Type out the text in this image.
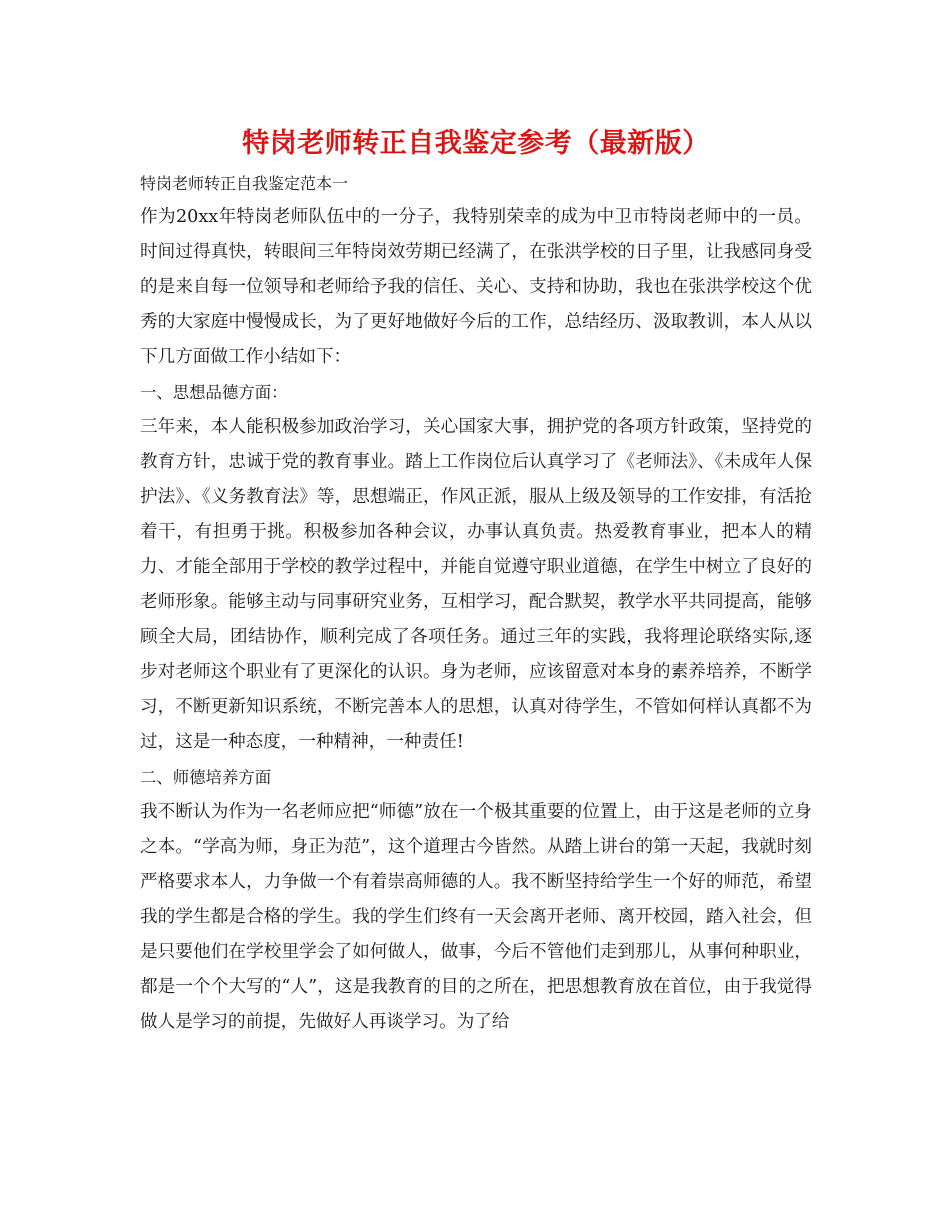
特岗老师转正自我鉴定参考（最新版）

特岗老师转正自我鉴定范本一

作为20xx年特岗老师队伍中的一分子，我特别荣幸的成为中卫市特岗老师中的一员。时间过得真快，转眼间三年特岗效劳期已经满了，在张洪学校的日子里，让我感同身受的是来自每一位领导和老师给予我的信任、关心、支持和协助，我也在张洪学校这个优秀的大家庭中慢慢成长，为了更好地做好今后的工作，总结经历、汲取教训，本人从以下几方面做工作小结如下：

一、思想品德方面：

三年来，本人能积极参加政治学习，关心国家大事，拥护党的各项方针政策，坚持党的教育方针，忠诚于党的教育事业。踏上工作岗位后认真学习了《老师法》、《未成年人保护法》、《义务教育法》等，思想端正，作风正派，服从上级及领导的工作安排，有活抢着干，有担勇于挑。积极参加各种会议，办事认真负责。热爱教育事业，把本人的精力、才能全部用于学校的教学过程中，并能自觉遵守职业道德，在学生中树立了良好的老师形象。能够主动与同事研究业务，互相学习，配合默契，教学水平共同提高，能够顾全大局，团结协作，顺利完成了各项任务。通过三年的实践，我将理论联络实际,逐步对老师这个职业有了更深化的认识。身为老师，应该留意对本身的素养培养，不断学习，不断更新知识系统，不断完善本人的思想，认真对待学生，不管如何样认真都不为过，这是一种态度，一种精神，一种责任!

二、师德培养方面

我不断认为作为一名老师应把“师德”放在一个极其重要的位置上，由于这是老师的立身之本。“学高为师，身正为范”，这个道理古今皆然。从踏上讲台的第一天起，我就时刻严格要求本人，力争做一个有着崇高师德的人。我不断坚持给学生一个好的师范，希望我的学生都是合格的学生。我的学生们终有一天会离开老师、离开校园，踏入社会，但是只要他们在学校里学会了如何做人，做事，今后不管他们走到那儿，从事何种职业，都是一个个大写的“人”，这是我教育的目的之所在，把思想教育放在首位，由于我觉得做人是学习的前提，先做好人再谈学习。为了给
